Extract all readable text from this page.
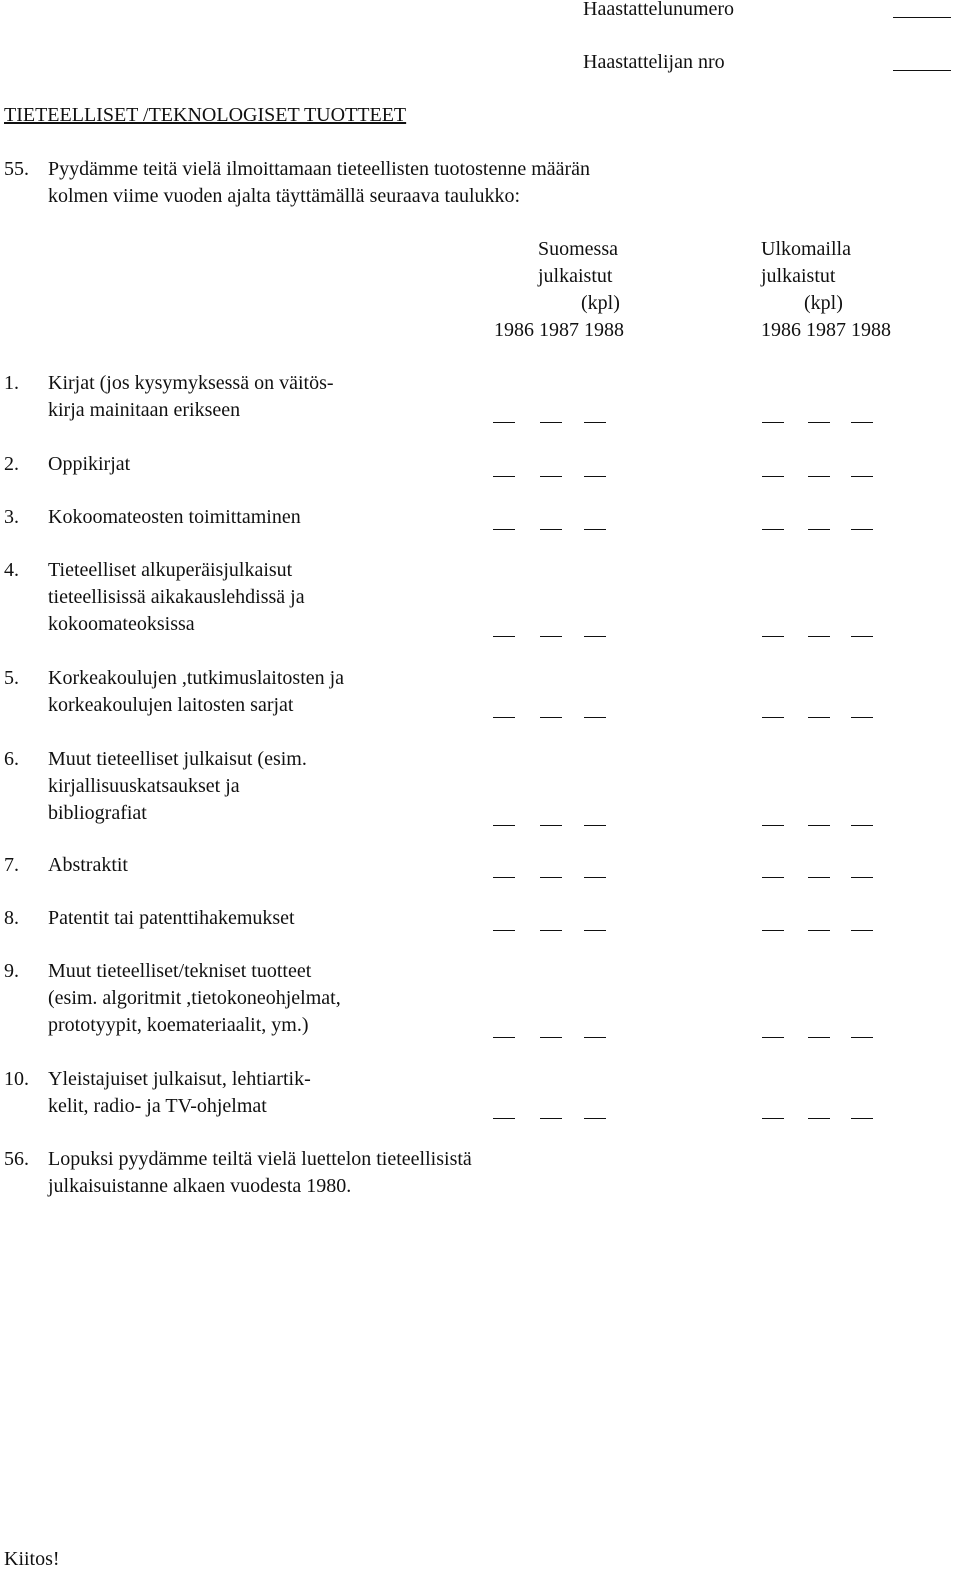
Haastattelunumero
Haastattelijan nro
TIETEELLISET /TEKNOLOGISET TUOTTEET
55. Pyydämme teitä vielä ilmoittamaan tieteellisten tuotostenne määrän
kolmen viime vuoden ajalta täyttämällä seuraava taulukko:
Suomessa
julkaistut
(kpl)
1986 1987 1988
Ulkomailla
julkaistut
(kpl)
1986 1987 1988
1. Kirjat (jos kysymyksessä on väitös-
kirja mainitaan erikseen
2. Oppikirjat
3. Kokoomateosten toimittaminen
4. Tieteelliset alkuperäisjulkaisut
tieteellisissä aikakauslehdissä ja
kokoomateoksissa
5. Korkeakoulujen ,tutkimuslaitosten ja
korkeakoulujen laitosten sarjat
6. Muut tieteelliset julkaisut (esim.
kirjallisuuskatsaukset ja
bibliografiat
7. Abstraktit
8. Patentit tai patenttihakemukset
9. Muut tieteelliset/tekniset tuotteet
(esim. algoritmit ,tietokoneohjelmat,
prototyypit, koemateriaalit, ym.)
10. Yleistajuiset julkaisut, lehtiartik-
kelit, radio- ja TV-ohjelmat
56. Lopuksi pyydämme teiltä vielä luettelon tieteellisistä
julkaisuistanne alkaen vuodesta 1980.
Kiitos!
